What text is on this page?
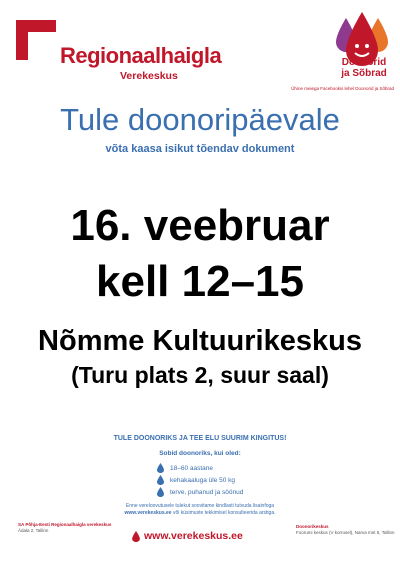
Regionaalhaigla
Verekeskus
Doonorid
ja Sõbrad
Ühine meiega Facebookis lehel Doonorid ja Sõbrad
Tule doonoripäevale
võta kaasa isikut tõendav dokument
16. veebruar
kell 12–15
Nõmme Kultuurikeskus
(Turu plats 2, suur saal)
TULE DOONORIKS JA TEE ELU SUURIM KINGITUS!
Sobid doonoriks, kui oled:
18–60 aastane
kehakaaluga üle 50 kg
terve, puhanud ja söönud
Enne vereloovutusele tulekut soovitame kindlasti tutvuda lisainfoga
www.verekeskus.ee või küsimuste tekkimisel konsulteerida arstiga.
SA Põhja-Eesti Regionaalhaigla verekeskus
Ädala 2, Tallinn	www.verekeskus.ee
Doonorikeskus
Foorumi keskus (V korrusel), Narva mnt 5, Tallinn
